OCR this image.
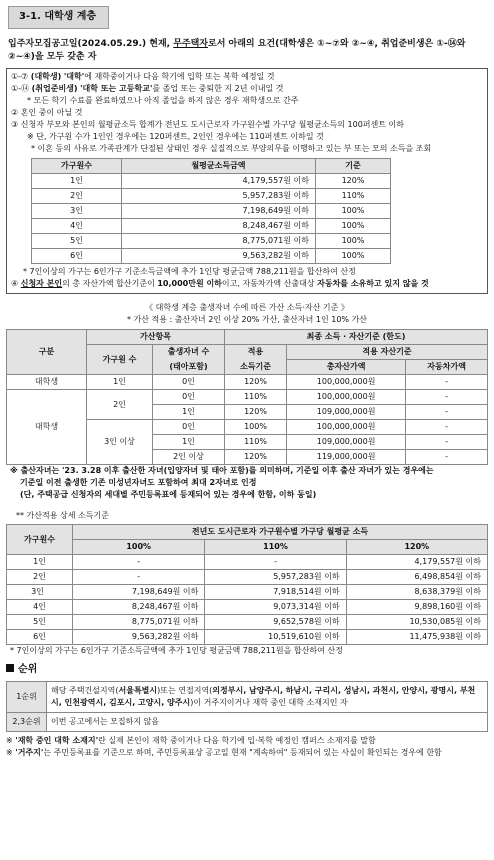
3-1. 대학생 계층
입주자모집공고일(2024.05.29.) 현재, 무주택자로서 아래의 요건(대학생은 ①~⑦와 ②~④, 취업준비생은 ①-⑭와
②~④)을 모두 갖춘 자

①-⑦ (대학생) '대학'에 재학중이거나 다음 학기에 입학 또는 복학 예정일 것

①-⑭ (취업준비생) '대학 또는 고등학교'를 졸업 또는 중퇴한 지 2년 이내일 것

* 모든 학기 수료를 완료하였으나 아직 졸업을 하지 않은 경우 재학생으로 간주

② 혼인 중이 아닐 것

③ 신청자 부모와 본인의 월평균소득 합계가 전년도 도시근로자 가구원수별 가구당 월평균소득의 100퍼센트 이하

※ 단, 가구원 수가 1인인 경우에는 120퍼센트, 2인인 경우에는 110퍼센트 이하일 것

* 이혼 등의 사유로 가족관계가 단절된 상태인 경우 실질적으로 부양의무를 이행하고 있는 부 또는 모의 소득을 조회

가구원수	월평균소득금액	기준
1인	4,179,557원 이하	120%
2인	5,957,283원 이하	110%
3인	7,198,649원 이하	100%
4인	8,248,467원 이하	100%
5인	8,775,071원 이하	100%
6인	9,563,282원 이하	100%

* 7인이상의 가구는 6인가구 기준소득금액에 추가 1인당 평균금액 788,211원을 합산하여 산정

④ 신청자 본인의 총 자산가액 합산기준이 10,000만원 이하이고, 자동차가액 산출대상 자동차를 소유하고 있지 않을 것

《 대학생 계층 출생자녀 수에 따른 가산 소득·자산 기준 》
* 가산 적용 : 출산자녀 2인 이상 20% 가산, 출산자녀 1인 10% 가산
구분	가산항목		최종 소득 · 자산기준 (한도)		
	가구원 수	출생자녀 수	적용	적용 자산기준	
		(태아포함)	소득기준	총자산가액	자동차가액
대학생	1인	0인	120%	100,000,000원	-
대학생	2인	0인	110%	100,000,000원	-
		1인	120%	109,000,000원	-
	3인 이상	0인	100%	100,000,000원	-
		1인	110%	109,000,000원	-
		2인 이상	120%	119,000,000원	-

※ 출산자녀는 '23. 3.28 이후 출산한 자녀(입양자녀 및 태아 포함)를 의미하며, 기준일 이후 출산 자녀가 있는 경우에는

기준일 이전 출생한 기존 미성년자녀도 포함하여 최대 2자녀로 인정

(단, 주택공급 신청자의 세대별 주민등록표에 등재되어 있는 경우에 한함, 이하 동일)

** 가산적용 상세 소득기준
가구원수	전년도 도시근로자 가구원수별 가구당 월평균 소득		
	100%	110%	120%
1인	-	-	4,179,557원 이하
2인	-	5,957,283원 이하	6,498,854원 이하
3인	7,198,649원 이하	7,918,514원 이하	8,638,379원 이하
4인	8,248,467원 이하	9,073,314원 이하	9,898,160원 이하
5인	8,775,071원 이하	9,652,578원 이하	10,530,085원 이하
6인	9,563,282원 이하	10,519,610원 이하	11,475,938원 이하
* 7인이상의 가구는 6인가구 기준소득금액에 추가 1인당 평균금액 788,211원을 합산하여 산정
순위
1순위	해당 주택건설지역(서울특별시)또는 연접지역(의정부시, 남양주시, 하남시, 구리시, 성남시, 과천시, 안양시, 광명시, 부천시, 인천광역시, 김포시, 고양시, 양주시)이 거주지이거나 재학 중인 대학 소재지인 자
2,3순위	이번 공고에서는 모집하지 않음

※ '재학 중인 대학 소재지'란 실제 본인이 재학 중이거나 다음 학기에 입·복학 예정인 캠퍼스 소재지를 말함

※ '거주지'는 주민등록표를 기준으로 하며, 주민등록표상 공고일 현재 "계속하여" 등재되어 있는 사실이 확인되는 경우에 한함
